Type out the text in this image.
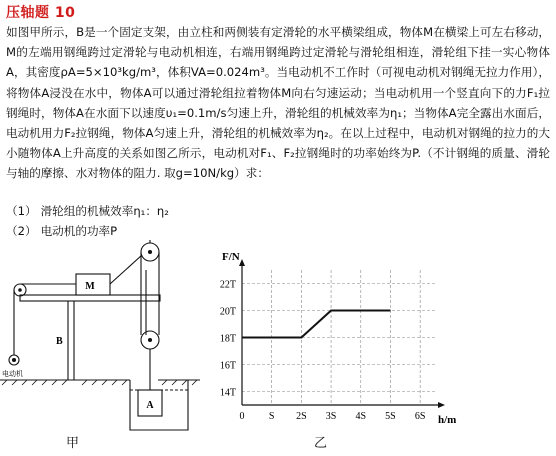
压轴题 10
如图甲所示，B是一个固定支架，由立柱和两侧装有定滑轮的水平横梁组成，物体M在横梁上可左右移动，M的左端用钢绳跨过定滑轮与电动机相连，右端用钢绳跨过定滑轮与滑轮组相连，滑轮组下挂一实心物体A，其密度ρA=5×10³kg/m³，体积VA=0.024m³。当电动机不工作时（可视电动机对钢绳无拉力作用），将物体A浸没在水中，物体A可以通过滑轮组拉着物体M向右匀速运动；当电动机用一个竖直向下的力F₁拉钢绳时，物体A在水面下以速度υ₁=0.1m/s匀速上升，滑轮组的机械效率为η₁；当物体A完全露出水面后，电动机用力F₂拉钢绳，物体A匀速上升，滑轮组的机械效率为η₂。在以上过程中，电动机对钢绳的拉力的大小随物体A上升高度的关系如图乙所示，电动机对F₁、F₂拉钢绳时的功率始终为P.（不计钢绳的质量、滑轮与轴的摩擦、水对物体的阻力. 取g=10N/kg）求：
（1） 滑轮组的机械效率η₁：η₂
（2） 电动机的功率P
M
B
A
电动机
甲
14T
16T
18T
20T
22T
0 S 2S 3S 4S 5S 6S
F/N
h/m
乙
